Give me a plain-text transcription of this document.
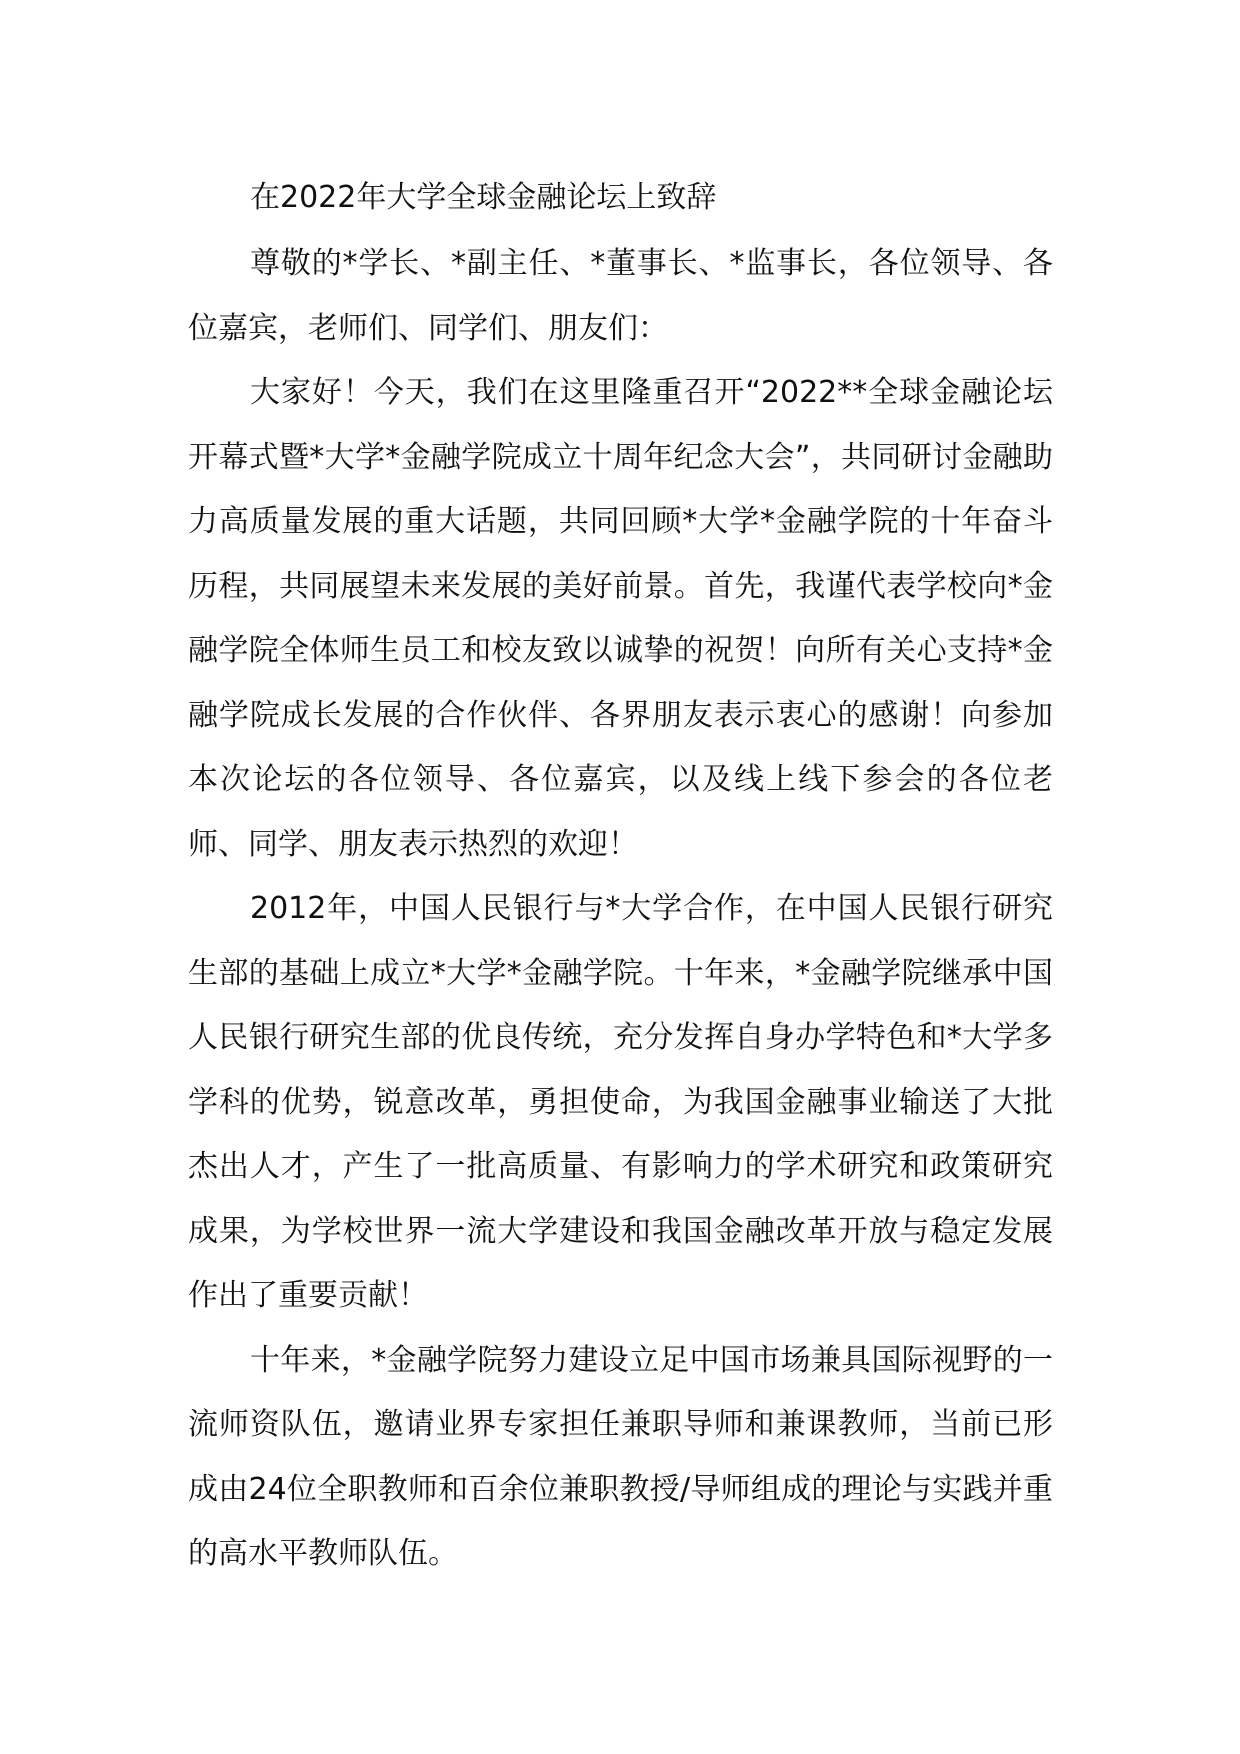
在2022年大学全球金融论坛上致辞

尊敬的*学长、*副主任、*董事长、*监事长，各位领导、各位嘉宾，老师们、同学们、朋友们：

大家好！今天，我们在这里隆重召开“2022**全球金融论坛开幕式暨*大学*金融学院成立十周年纪念大会”，共同研讨金融助力高质量发展的重大话题，共同回顾*大学*金融学院的十年奋斗历程，共同展望未来发展的美好前景。首先，我谨代表学校向*金融学院全体师生员工和校友致以诚挚的祝贺！向所有关心支持*金融学院成长发展的合作伙伴、各界朋友表示衷心的感谢！向参加本次论坛的各位领导、各位嘉宾，以及线上线下参会的各位老师、同学、朋友表示热烈的欢迎！

2012年，中国人民银行与*大学合作，在中国人民银行研究生部的基础上成立*大学*金融学院。十年来，*金融学院继承中国人民银行研究生部的优良传统，充分发挥自身办学特色和*大学多学科的优势，锐意改革，勇担使命，为我国金融事业输送了大批杰出人才，产生了一批高质量、有影响力的学术研究和政策研究成果，为学校世界一流大学建设和我国金融改革开放与稳定发展作出了重要贡献！

十年来，*金融学院努力建设立足中国市场兼具国际视野的一流师资队伍，邀请业界专家担任兼职导师和兼课教师，当前已形成由24位全职教师和百余位兼职教授/导师组成的理论与实践并重的高水平教师队伍。
